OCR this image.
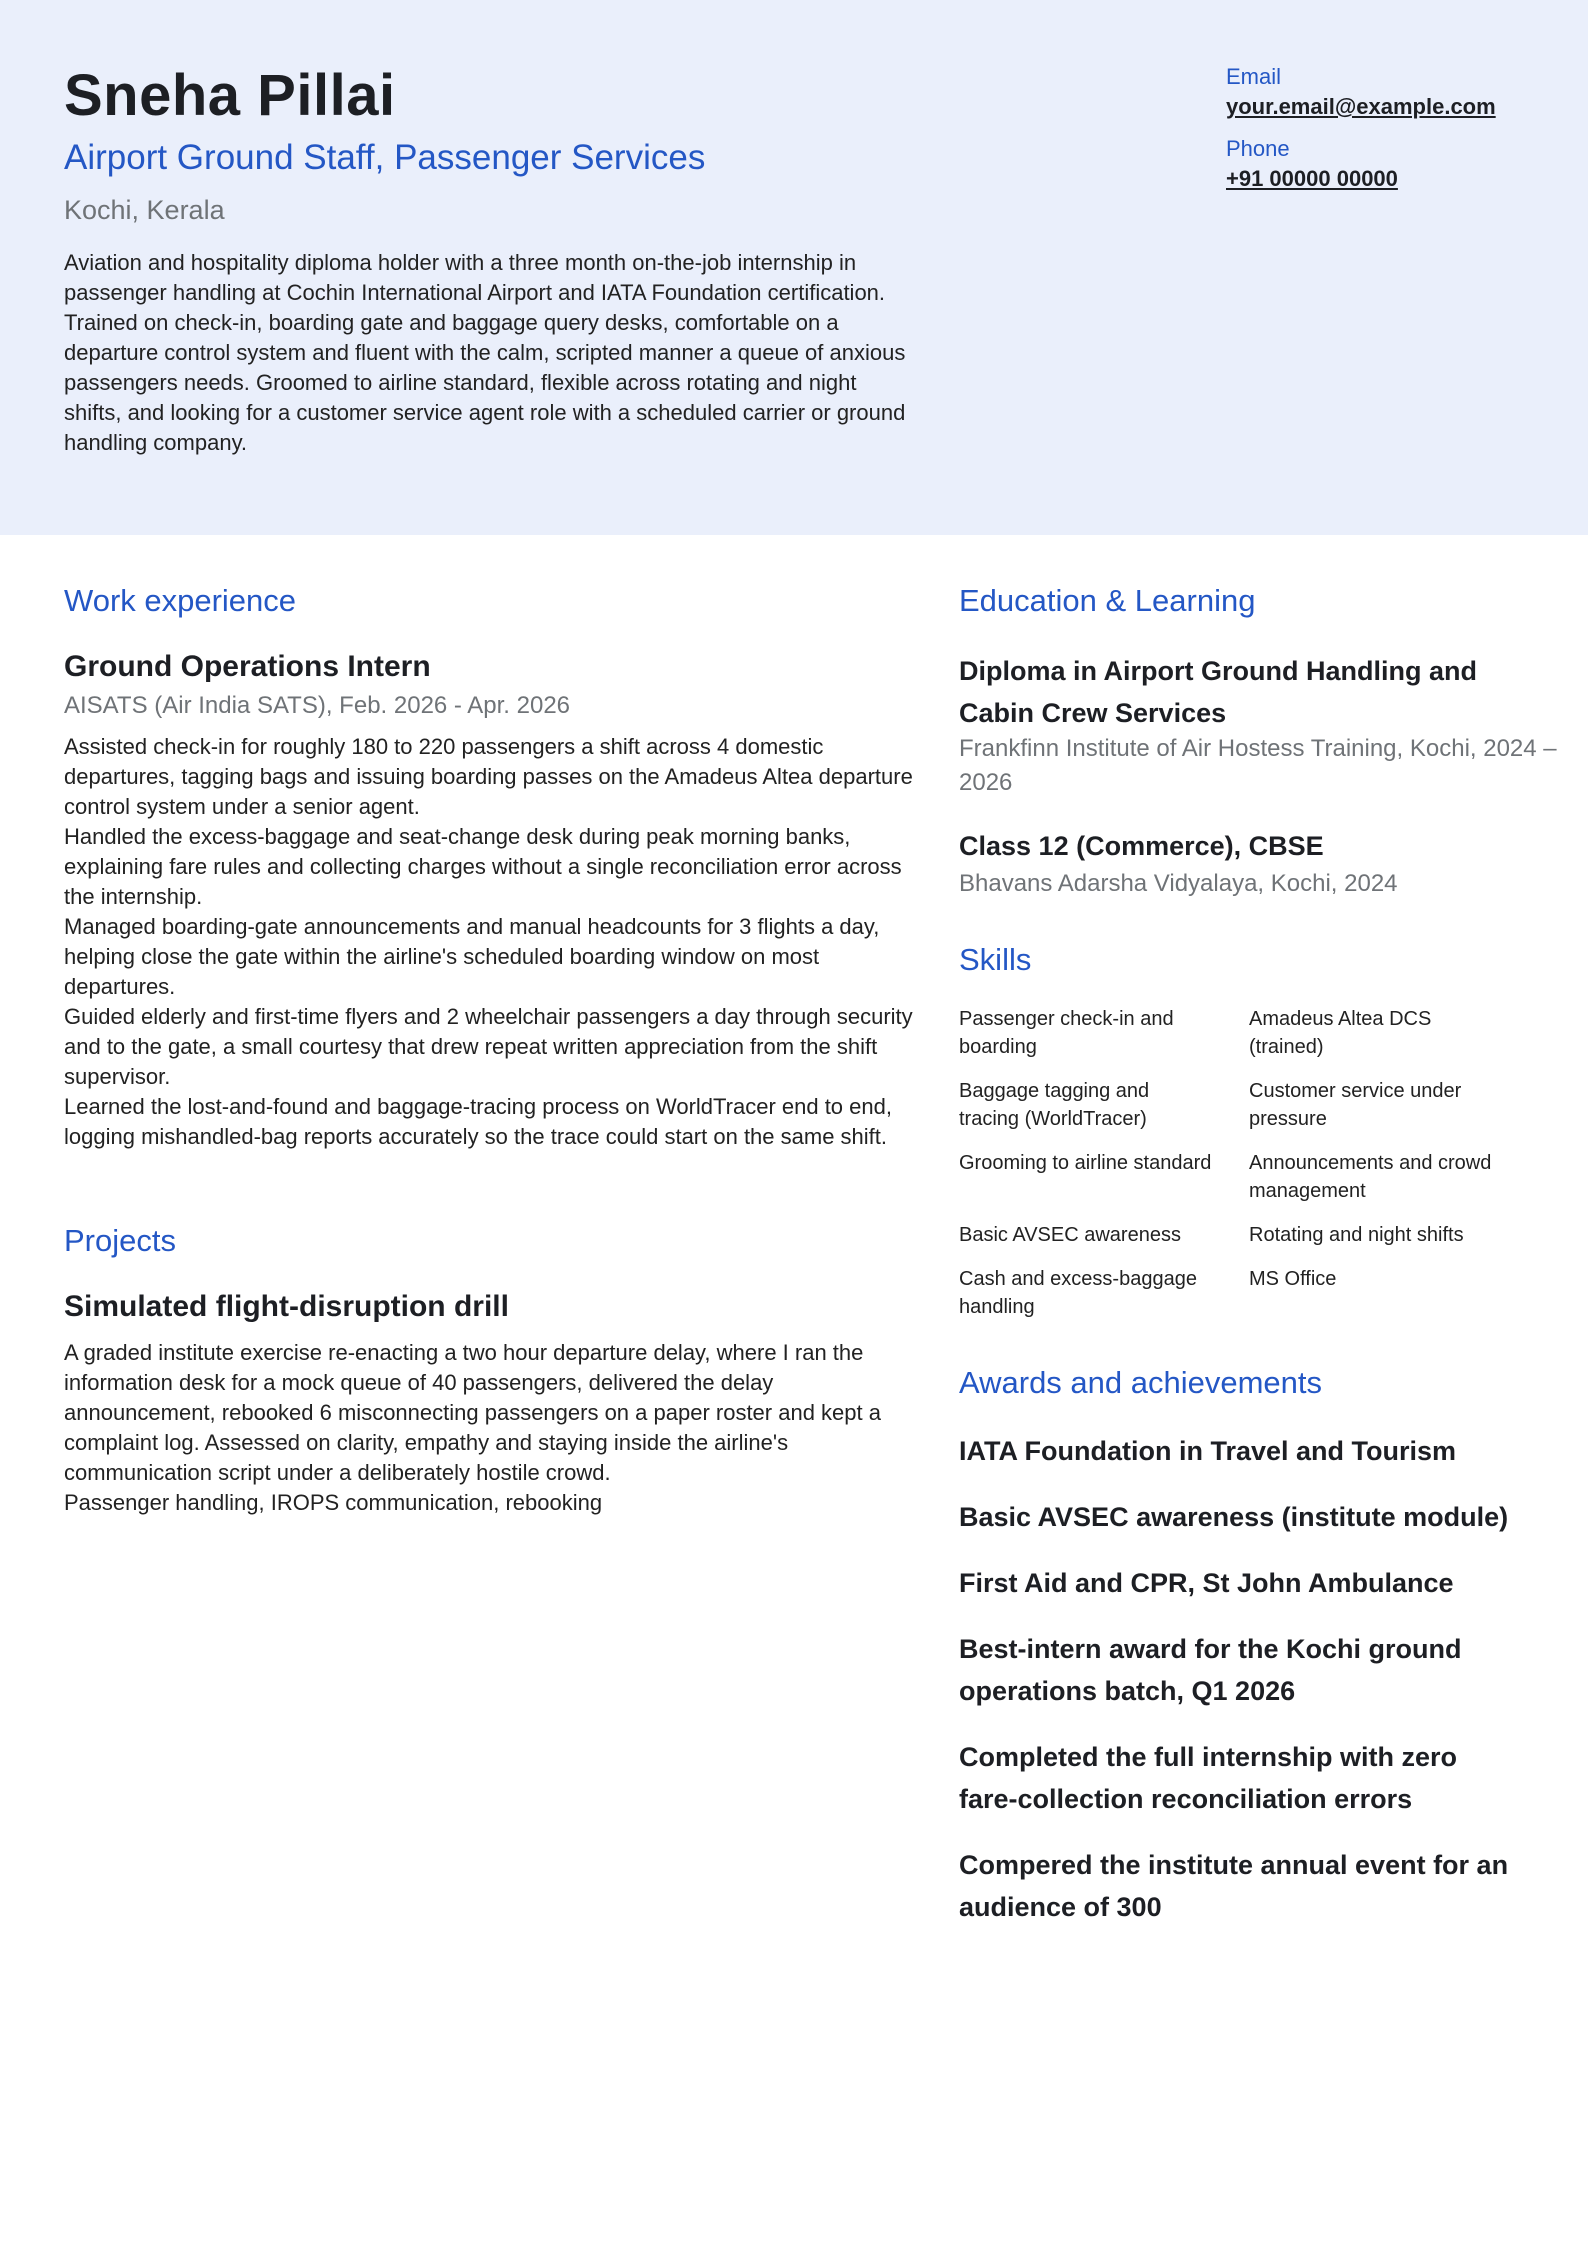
Sneha Pillai
Airport Ground Staff, Passenger Services
Kochi, Kerala
Aviation and hospitality diploma holder with a three month on-the-job internship in passenger handling at Cochin International Airport and IATA Foundation certification. Trained on check-in, boarding gate and baggage query desks, comfortable on a departure control system and fluent with the calm, scripted manner a queue of anxious passengers needs. Groomed to airline standard, flexible across rotating and night shifts, and looking for a customer service agent role with a scheduled carrier or ground handling company.
Email
your.email@example.com
Phone
+91 00000 00000
Work experience
Ground Operations Intern
AISATS (Air India SATS), Feb. 2026 - Apr. 2026
Assisted check-in for roughly 180 to 220 passengers a shift across 4 domestic departures, tagging bags and issuing boarding passes on the Amadeus Altea departure control system under a senior agent.
Handled the excess-baggage and seat-change desk during peak morning banks, explaining fare rules and collecting charges without a single reconciliation error across the internship.
Managed boarding-gate announcements and manual headcounts for 3 flights a day, helping close the gate within the airline's scheduled boarding window on most departures.
Guided elderly and first-time flyers and 2 wheelchair passengers a day through security and to the gate, a small courtesy that drew repeat written appreciation from the shift supervisor.
Learned the lost-and-found and baggage-tracing process on WorldTracer end to end, logging mishandled-bag reports accurately so the trace could start on the same shift.
Projects
Simulated flight-disruption drill
A graded institute exercise re-enacting a two hour departure delay, where I ran the information desk for a mock queue of 40 passengers, delivered the delay announcement, rebooked 6 misconnecting passengers on a paper roster and kept a complaint log. Assessed on clarity, empathy and staying inside the airline's communication script under a deliberately hostile crowd.
Passenger handling, IROPS communication, rebooking
Education & Learning
Diploma in Airport Ground Handling and Cabin Crew Services
Frankfinn Institute of Air Hostess Training, Kochi, 2024 – 2026
Class 12 (Commerce), CBSE
Bhavans Adarsha Vidyalaya, Kochi, 2024
Skills
Passenger check-in and boarding
Amadeus Altea DCS (trained)
Baggage tagging and tracing (WorldTracer)
Customer service under pressure
Grooming to airline standard Announcements and crowd management
Basic AVSEC awareness	Rotating and night shifts
Cash and excess-baggage handling
MS Office
Awards and achievements
IATA Foundation in Travel and Tourism
Basic AVSEC awareness (institute module)
First Aid and CPR, St John Ambulance
Best-intern award for the Kochi ground operations batch, Q1 2026
Completed the full internship with zero fare-collection reconciliation errors
Compered the institute annual event for an audience of 300
